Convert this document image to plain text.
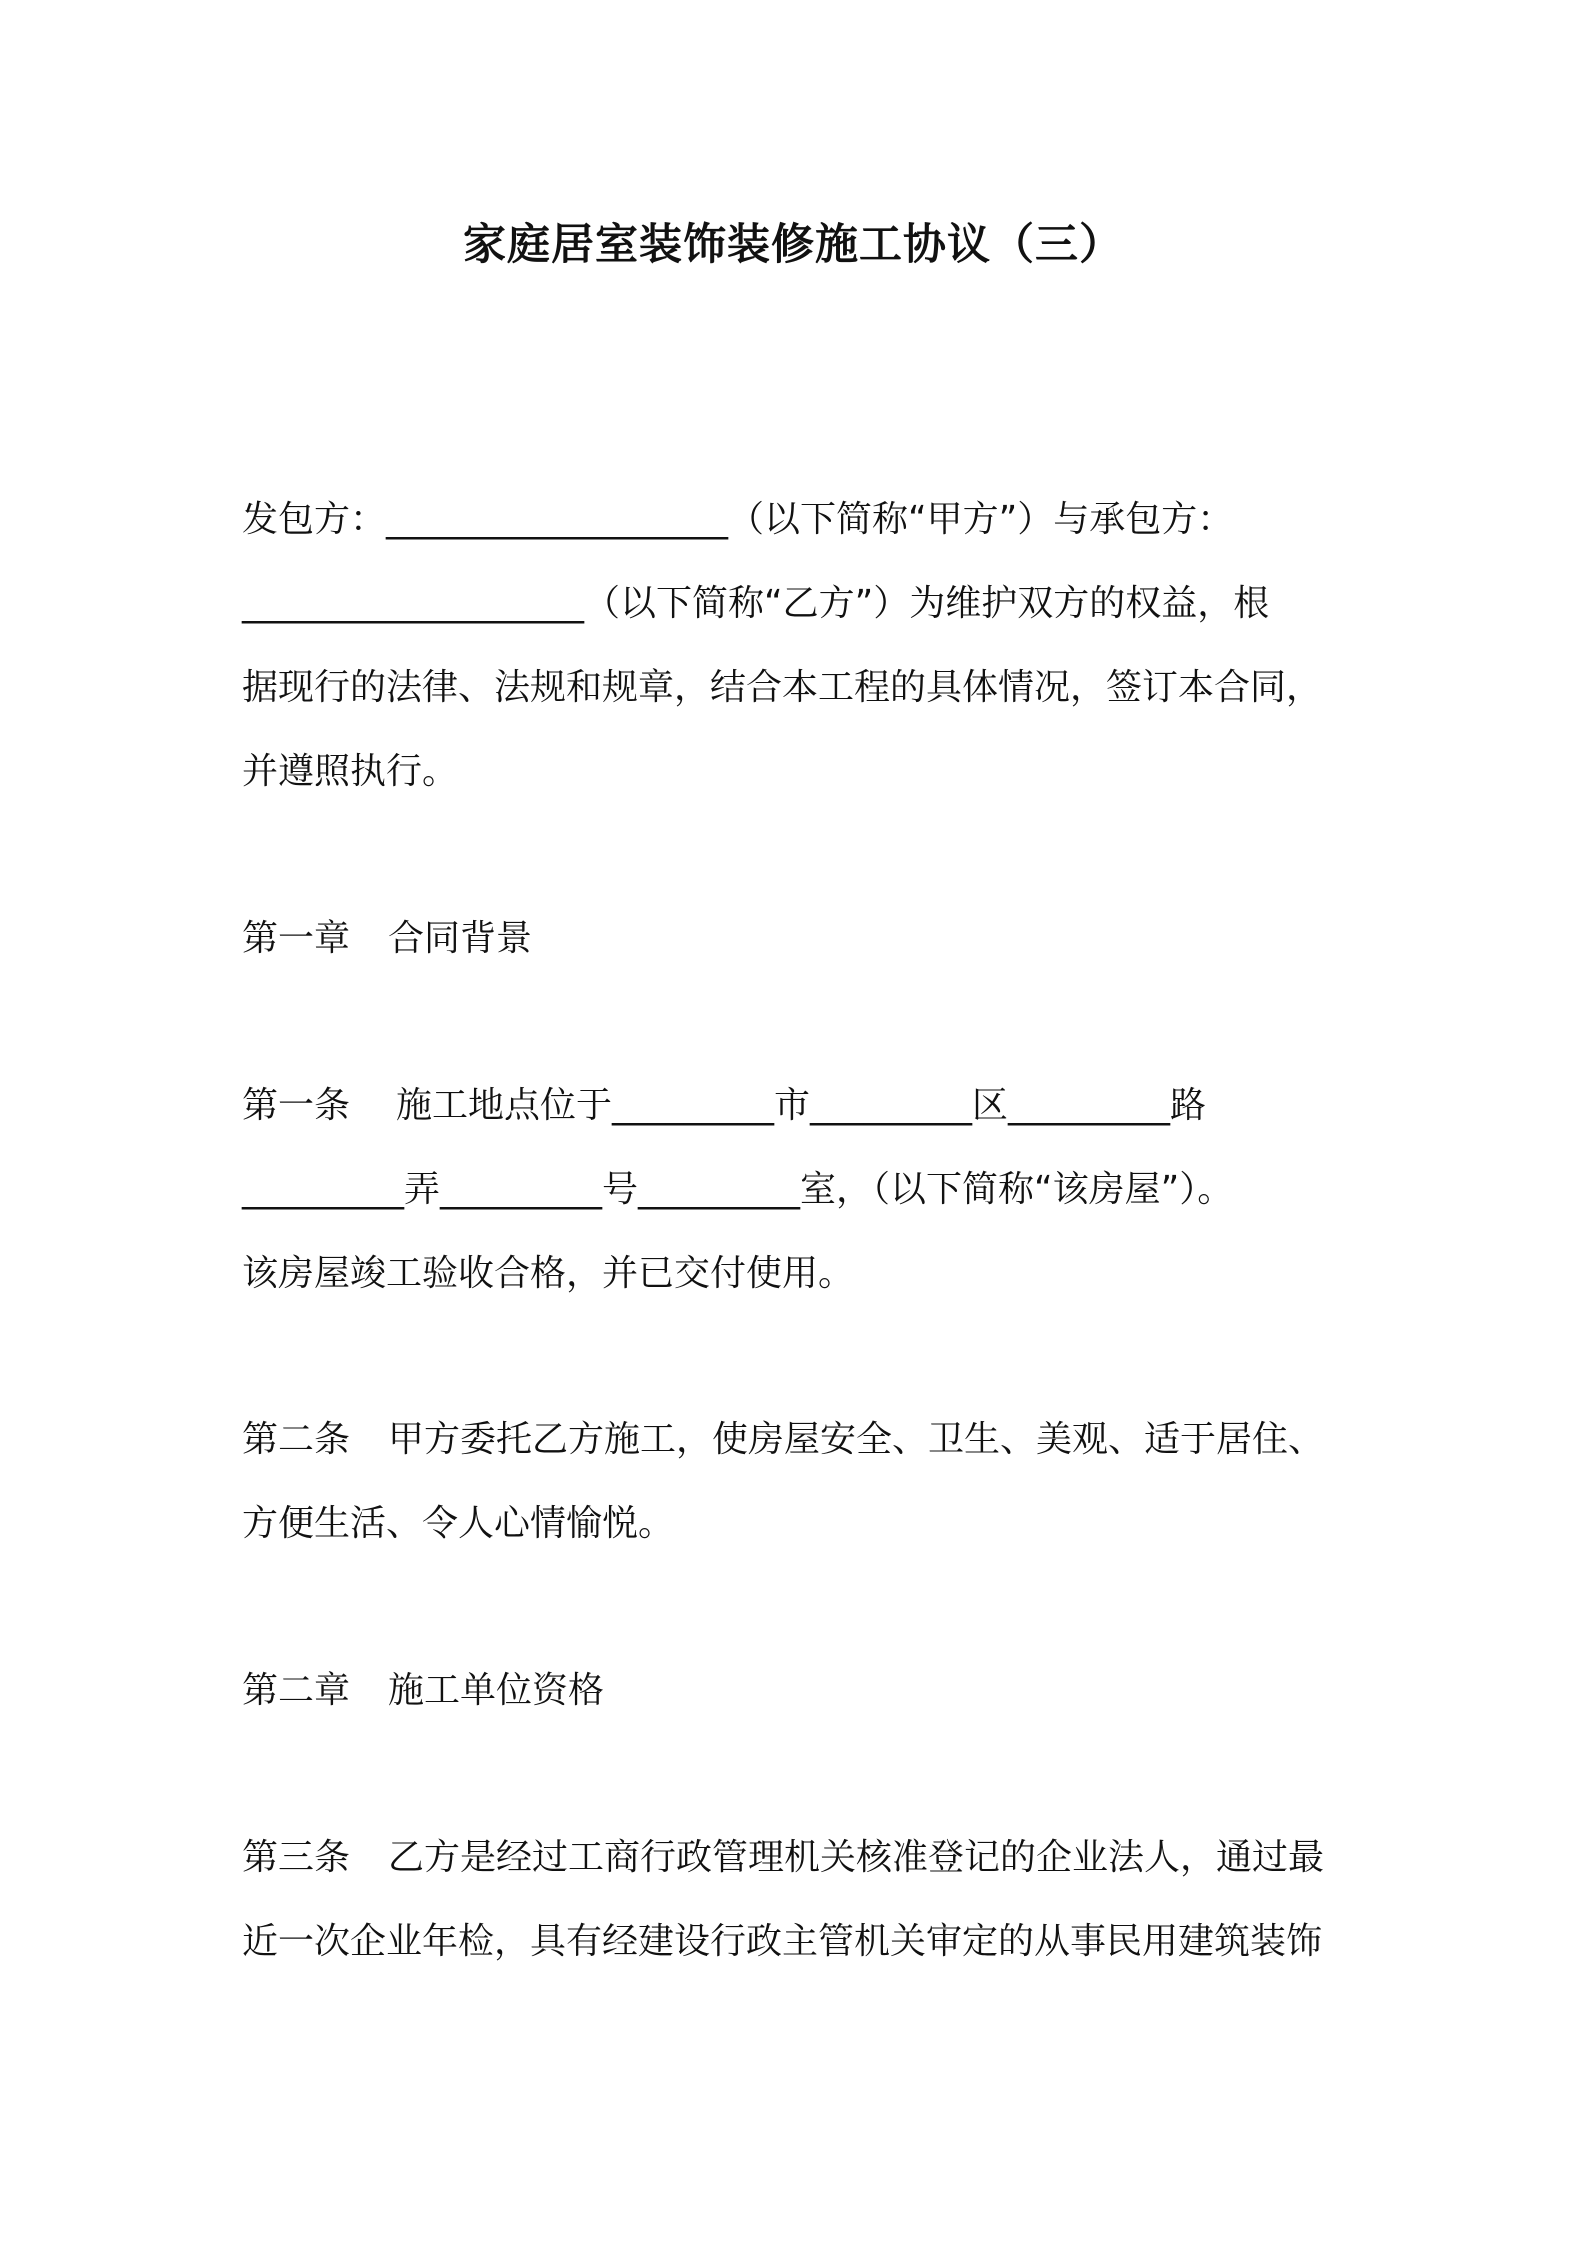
家庭居室装饰装修施工协议（三）
发包方：___________________（以下简称“甲方”）与承包方：
___________________（以下简称“乙方”）为维护双方的权益，根
据现行的法律、法规和规章，结合本工程的具体情况，签订本合同，
并遵照执行。
第一章 合同背景
第一条 施工地点位于_________市_________区_________路
_________弄_________号_________室，（以下简称“该房屋”）。
该房屋竣工验收合格，并已交付使用。
第二条 甲方委托乙方施工，使房屋安全、卫生、美观、适于居住、
方便生活、令人心情愉悦。
第二章 施工单位资格
第三条 乙方是经过工商行政管理机关核准登记的企业法人，通过最
近一次企业年检，具有经建设行政主管机关审定的从事民用建筑装饰
